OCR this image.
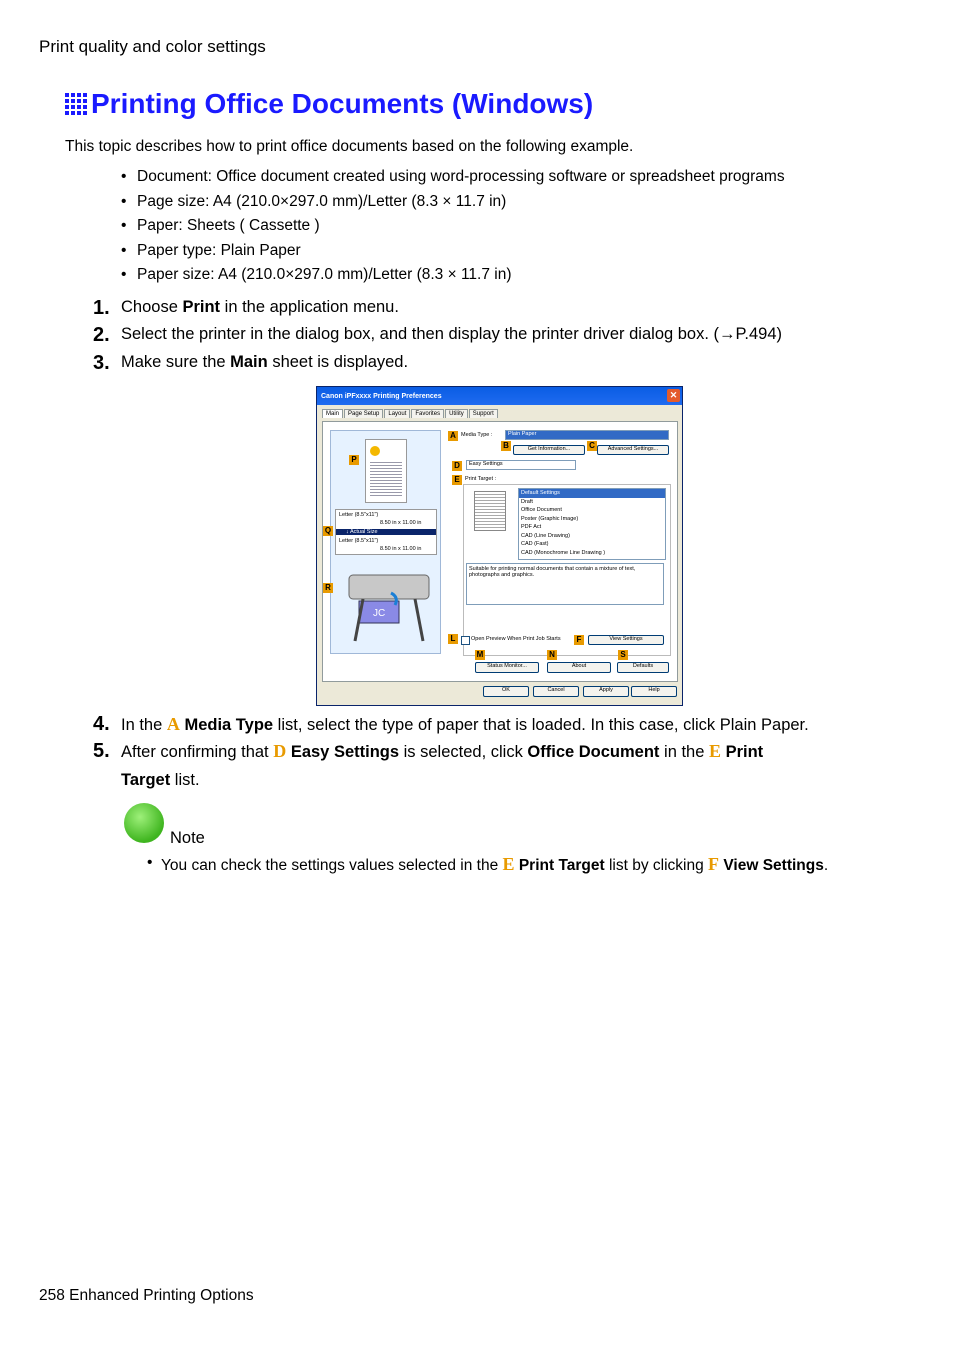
Print quality and color settings
Printing Office Documents (Windows)
This topic describes how to print office documents based on the following example.
• Document: Office document created using word-processing software or spreadsheet programs
• Page size: A4 (210.0×297.0 mm)/Letter (8.3 × 11.7 in)
• Paper: Sheets ( Cassette )
• Paper type: Plain Paper
• Paper size: A4 (210.0×297.0 mm)/Letter (8.3 × 11.7 in)
1. Choose Print in the application menu.
2. Select the printer in the dialog box, and then display the printer driver dialog box. (→P.494)
3. Make sure the Main sheet is displayed.
Canon iPFxxxx Printing Preferences	✕
Main	Page Setup	Layout	Favorites	Utility	Support
P
Letter (8.5"x11")
8.50 in x 11.00 in
↓ Actual Size
Letter (8.5"x11")
8.50 in x 11.00 in
Q
JC
R
A Media Type :	Plain Paper
B	Get Information...	C	Advanced Settings...
D	Easy Settings
E Print Target :
Default Settings
Draft
Office Document
Poster (Graphic Image)
PDF Act
CAD (Line Drawing)
CAD (Fast)
CAD (Monochrome Line Drawing )
Suitable for printing normal documents that contain a mixture of text, photographs and graphics.
F	View Settings
L	Open Preview When Print Job Starts
M	N	S
Status Monitor...	About	Defaults
OK	Cancel	Apply	Help
4. In the A Media Type list, select the type of paper that is loaded. In this case, click Plain Paper.
5. After confirming that D Easy Settings is selected, click Office Document in the E Print
Target list.
Note
• You can check the settings values selected in the E Print Target list by clicking F View Settings.
258 Enhanced Printing Options
